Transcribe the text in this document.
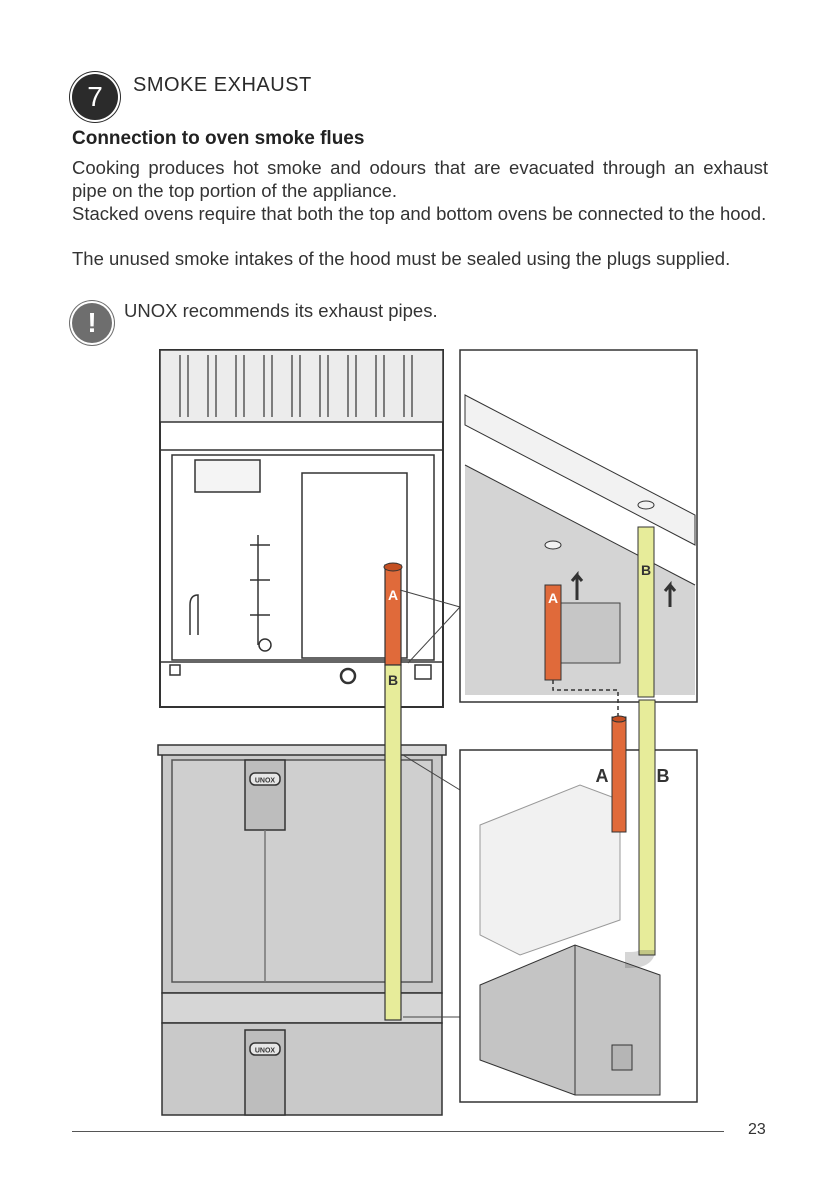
7	SMOKE EXHAUST
Connection to oven smoke flues

Cooking produces hot smoke and odours that are evacuated through an exhaust pipe on the top portion of the appliance.

Stacked ovens require that both the top and bottom ovens be connected to the hood.

The unused smoke intakes of the hood must be sealed using the plugs supplied.

!	UNOX recommends its exhaust pipes.
UNOX
UNOX
A
B
A
B
A	B
23
